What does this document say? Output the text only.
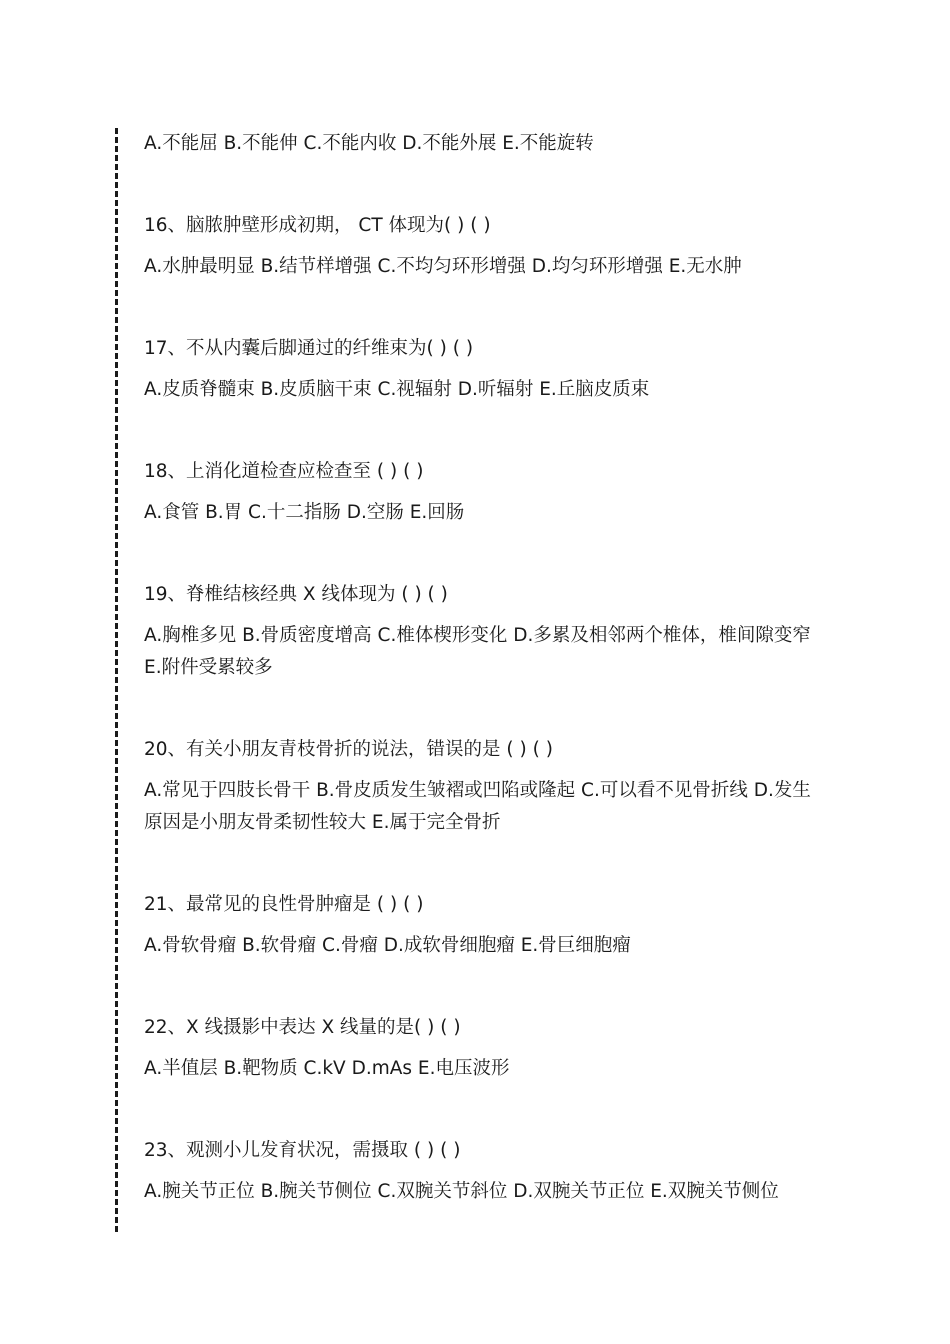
A.不能屈 B.不能伸 C.不能内收 D.不能外展 E.不能旋转
16、脑脓肿壁形成初期， CT 体现为( ) ( )
A.水肿最明显 B.结节样增强 C.不均匀环形增强 D.均匀环形增强 E.无水肿
17、不从内囊后脚通过的纤维束为( ) ( )
A.皮质脊髓束 B.皮质脑干束 C.视辐射 D.听辐射 E.丘脑皮质束
18、上消化道检查应检查至 ( ) ( )
A.食管 B.胃 C.十二指肠 D.空肠 E.回肠
19、脊椎结核经典 X 线体现为 ( ) ( )
A.胸椎多见 B.骨质密度增高 C.椎体楔形变化 D.多累及相邻两个椎体，椎间隙变窄 E.附件受累较多
20、有关小朋友青枝骨折的说法，错误的是 ( ) ( )
A.常见于四肢长骨干 B.骨皮质发生皱褶或凹陷或隆起 C.可以看不见骨折线 D.发生原因是小朋友骨柔韧性较大 E.属于完全骨折
21、最常见的良性骨肿瘤是 ( ) ( )
A.骨软骨瘤 B.软骨瘤 C.骨瘤 D.成软骨细胞瘤 E.骨巨细胞瘤
22、X 线摄影中表达 X 线量的是( ) ( )
A.半值层 B.靶物质 C.kV D.mAs E.电压波形
23、观测小儿发育状况，需摄取 ( ) ( )
A.腕关节正位 B.腕关节侧位 C.双腕关节斜位 D.双腕关节正位 E.双腕关节侧位
